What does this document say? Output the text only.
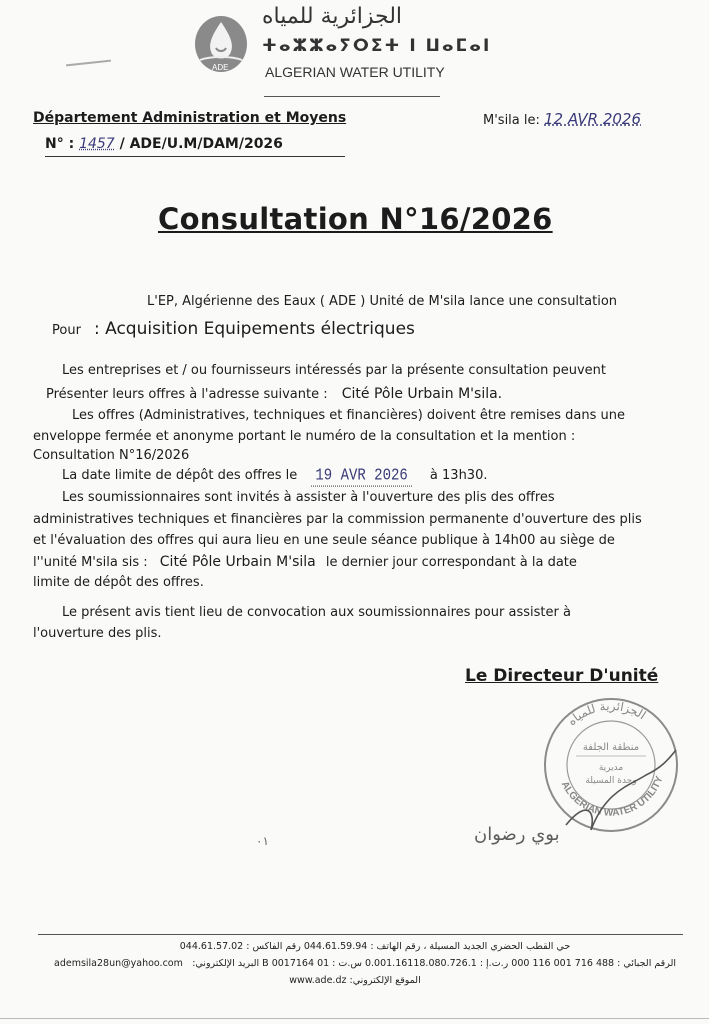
ADE
الجزائرية للمياه
ⵜⴰⵣⵣⴰⵢⵔⵉⵜ ⵏ ⵡⴰⵎⴰⵏ
ALGERIAN WATER UTILITY
Département Administration et Moyens	M'sila le: 12 AVR 2026
N° : 1457 / ADE/U.M/DAM/2026
Consultation N°16/2026
L'EP, Algérienne des Eaux ( ADE ) Unité de M'sila lance une consultation
Pour : Acquisition Equipements électriques
Les entreprises et / ou fournisseurs intéressés par la présente consultation peuvent
Présenter leurs offres à l'adresse suivante : Cité Pôle Urbain M'sila.
Les offres (Administratives, techniques et financières) doivent être remises dans une
enveloppe fermée et anonyme portant le numéro de la consultation et la mention :
Consultation N°16/2026
La date limite de dépôt des offres le 19 AVR 2026 à 13h30.
Les soumissionnaires sont invités à assister à l'ouverture des plis des offres
administratives techniques et financières par la commission permanente d'ouverture des plis
et l'évaluation des offres qui aura lieu en une seule séance publique à 14h00 au siège de
l''unité M'sila sis : Cité Pôle Urbain M'sila le dernier jour correspondant à la date
limite de dépôt des offres.
Le présent avis tient lieu de convocation aux soumissionnaires pour assister à
l'ouverture des plis.
Le Directeur D'unité
الجزائرية للمياه
ALGERIAN WATER UTILITY
منطقة الجلفة
مديرية
وحدة المسيلة
بوي رضوان
۰۱
حي القطب الحضري الجديد المسيلة ، رقم الهاتف : 044.61.59.94 رقم الفاكس : 044.61.57.02
الرقم الجبائي : 488 716 001 116 000 ر.ت.إ : 0.001.16118.080.726.1 س.ت : 01 B 0017164 البريد الإلكتروني:
ademsila28un@yahoo.com
الموقع الإلكتروني: www.ade.dz
